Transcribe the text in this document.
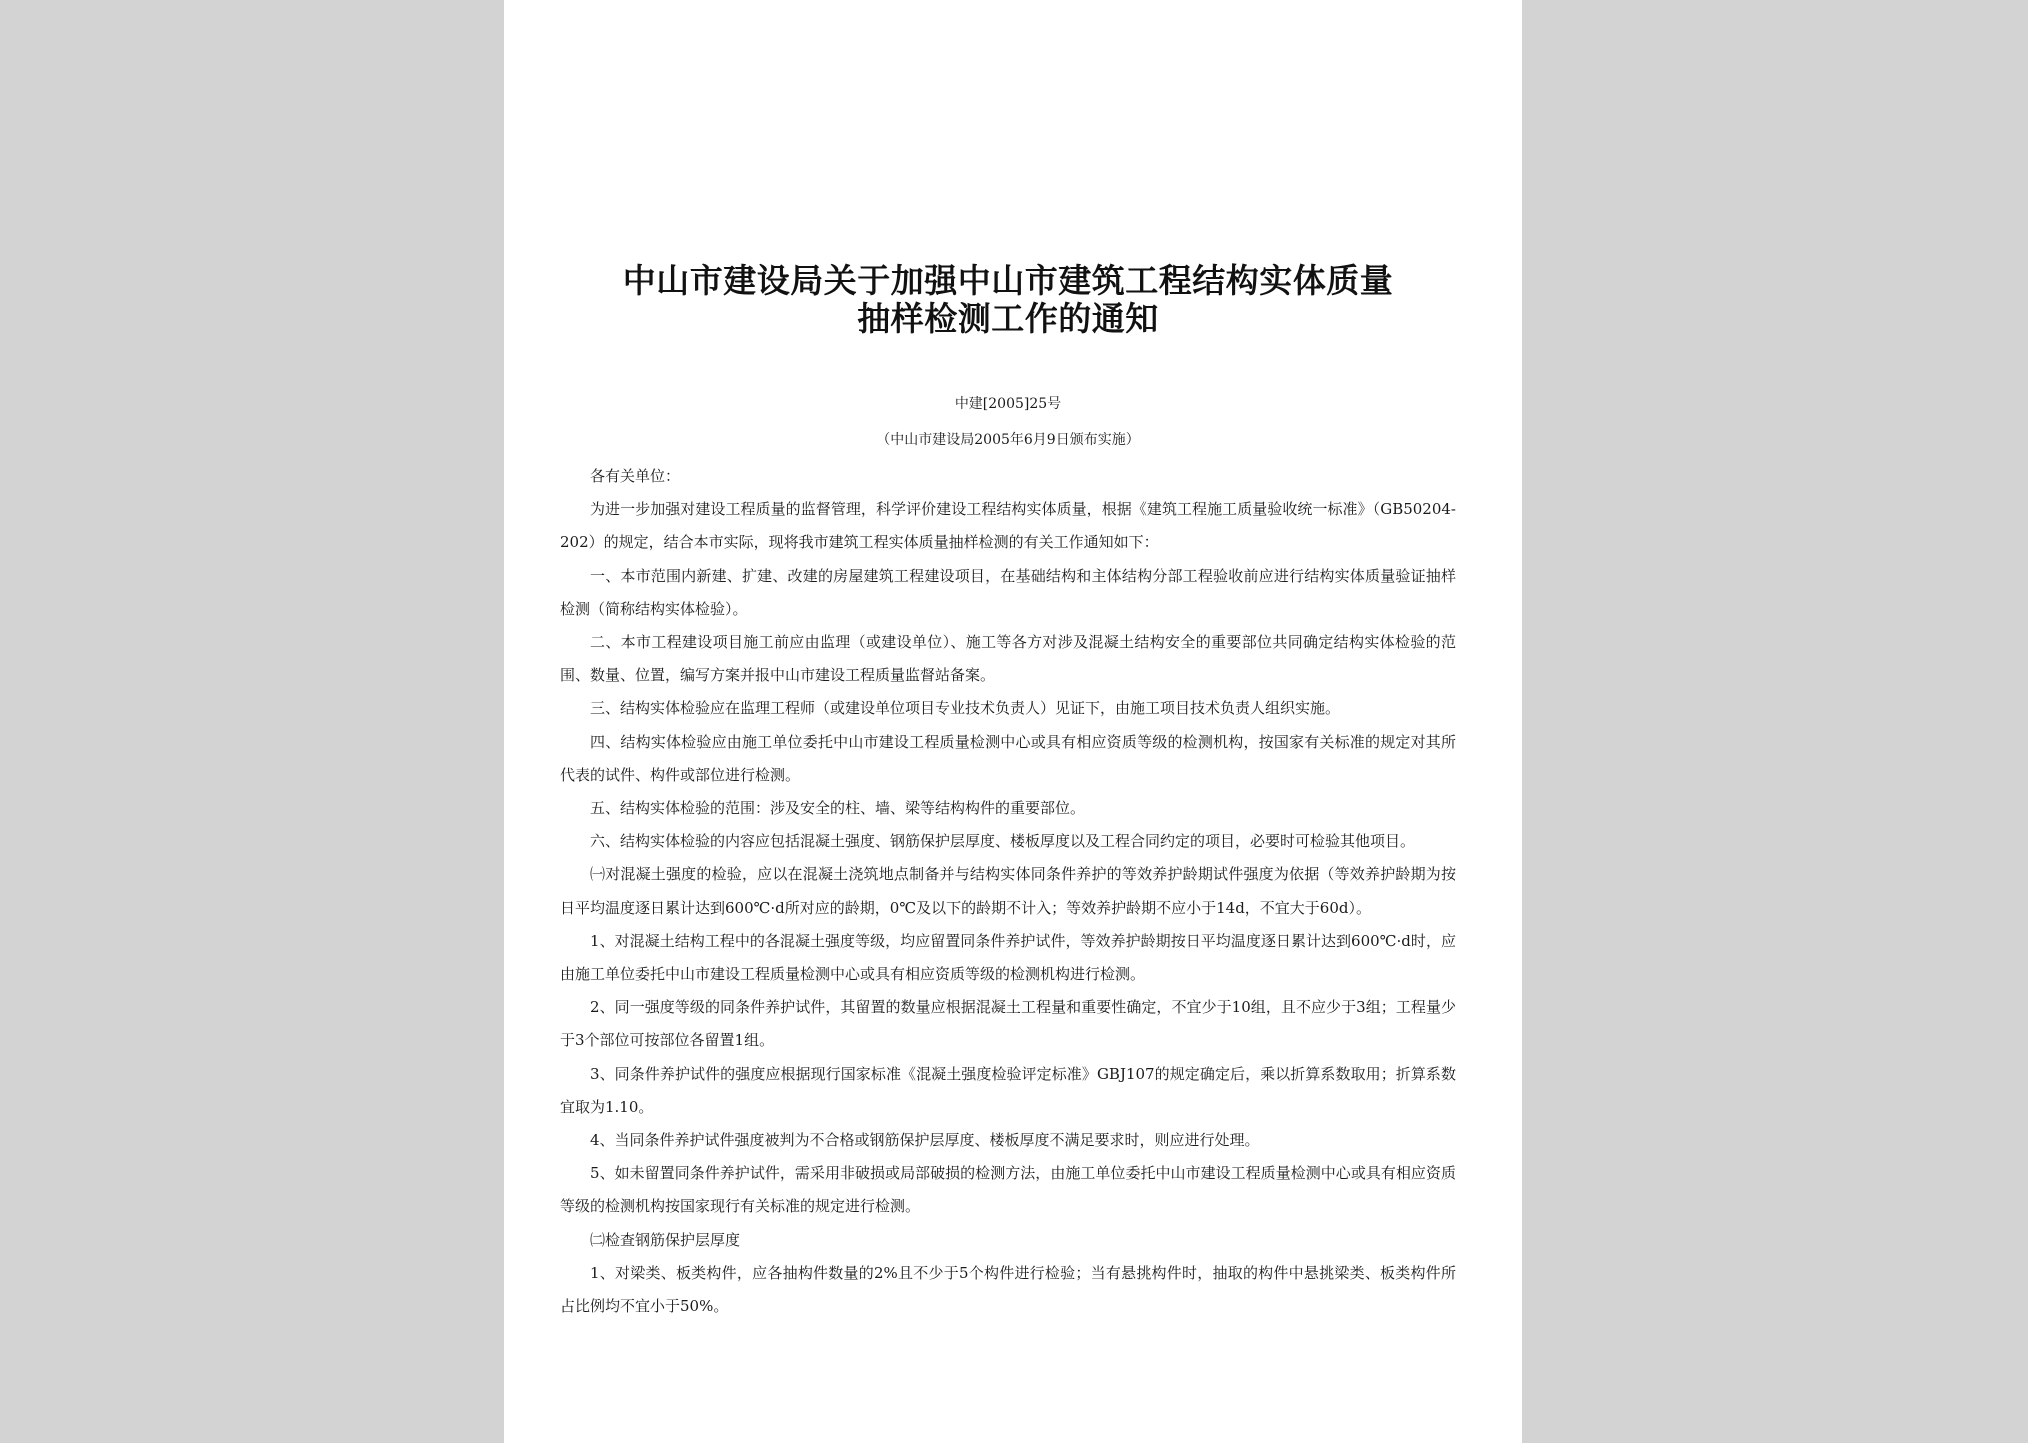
中山市建设局关于加强中山市建筑工程结构实体质量
抽样检测工作的通知
中建[2005]25号
（中山市建设局2005年6月9日颁布实施）

各有关单位：

为进一步加强对建设工程质量的监督管理，科学评价建设工程结构实体质量，根据《建筑工程施工质量验收统一标准》（GB50204-202）的规定，结合本市实际，现将我市建筑工程实体质量抽样检测的有关工作通知如下：

一、本市范围内新建、扩建、改建的房屋建筑工程建设项目，在基础结构和主体结构分部工程验收前应进行结构实体质量验证抽样检测（简称结构实体检验）。

二、本市工程建设项目施工前应由监理（或建设单位）、施工等各方对涉及混凝土结构安全的重要部位共同确定结构实体检验的范围、数量、位置，编写方案并报中山市建设工程质量监督站备案。

三、结构实体检验应在监理工程师（或建设单位项目专业技术负责人）见证下，由施工项目技术负责人组织实施。

四、结构实体检验应由施工单位委托中山市建设工程质量检测中心或具有相应资质等级的检测机构，按国家有关标准的规定对其所代表的试件、构件或部位进行检测。

五、结构实体检验的范围：涉及安全的柱、墙、梁等结构构件的重要部位。

六、结构实体检验的内容应包括混凝土强度、钢筋保护层厚度、楼板厚度以及工程合同约定的项目，必要时可检验其他项目。

㈠对混凝土强度的检验，应以在混凝土浇筑地点制备并与结构实体同条件养护的等效养护龄期试件强度为依据（等效养护龄期为按日平均温度逐日累计达到600℃·d所对应的龄期，0℃及以下的龄期不计入；等效养护龄期不应小于14d，不宜大于60d）。

1、对混凝土结构工程中的各混凝土强度等级，均应留置同条件养护试件，等效养护龄期按日平均温度逐日累计达到600℃·d时，应由施工单位委托中山市建设工程质量检测中心或具有相应资质等级的检测机构进行检测。

2、同一强度等级的同条件养护试件，其留置的数量应根据混凝土工程量和重要性确定，不宜少于10组，且不应少于3组；工程量少于3个部位可按部位各留置1组。

3、同条件养护试件的强度应根据现行国家标准《混凝土强度检验评定标准》GBJ107的规定确定后，乘以折算系数取用；折算系数宜取为1.10。

4、当同条件养护试件强度被判为不合格或钢筋保护层厚度、楼板厚度不满足要求时，则应进行处理。

5、如未留置同条件养护试件，需采用非破损或局部破损的检测方法，由施工单位委托中山市建设工程质量检测中心或具有相应资质等级的检测机构按国家现行有关标准的规定进行检测。

㈡检查钢筋保护层厚度

1、对梁类、板类构件，应各抽构件数量的2%且不少于5个构件进行检验；当有悬挑构件时，抽取的构件中悬挑梁类、板类构件所占比例均不宜小于50%。
